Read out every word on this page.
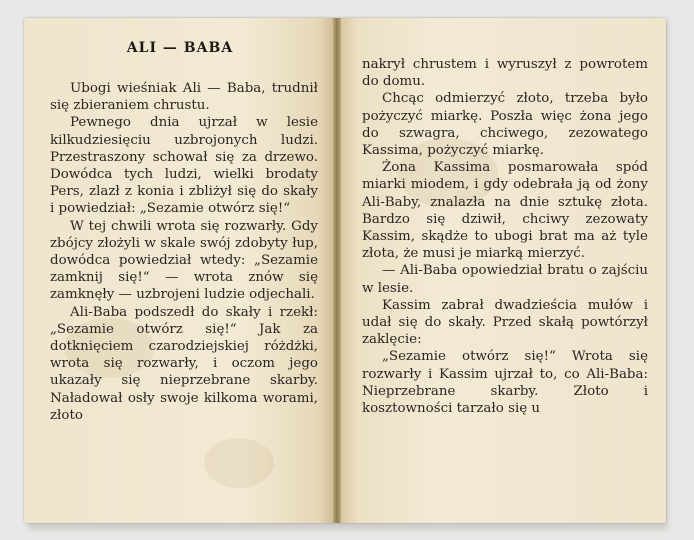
ALI — BABA

Ubogi wieśniak Ali — Baba, trudnił się zbieraniem chrustu.

Pewnego dnia ujrzał w lesie kilkudziesięciu uzbrojonych ludzi. Przestraszony schował się za drzewo. Dowódca tych ludzi, wielki brodaty Pers, zlazł z konia i zbliżył się do skały i powiedział: „Sezamie otwórz się!“

W tej chwili wrota się rozwarły. Gdy zbójcy złożyli w skale swój zdobyty łup, dowódca powiedział wtedy: „Sezamie zamknij się!“ — wrota znów się zamknęły — uzbrojeni ludzie odjechali.

Ali-Baba podszedł do skały i rzekł: „Sezamie otwórz się!“ Jak za dotknięciem czarodziejskiej różdżki, wrota się rozwarły, i oczom jego ukazały się nieprzebrane skarby. Naładował osły swoje kilkoma worami, złoto

nakrył chrustem i wyruszył z powrotem do domu.

Chcąc odmierzyć złoto, trzeba było pożyczyć miarkę. Poszła więc żona jego do szwagra, chciwego, zezowatego Kassima, pożyczyć miarkę.

Żona Kassima posmarowała spód miarki miodem, i gdy odebrała ją od żony Ali-Baby, znalazła na dnie sztukę złota. Bardzo się dziwił, chciwy zezowaty Kassim, skądże to ubogi brat ma aż tyle złota, że musi je miarką mierzyć.

— Ali-Baba opowiedział bratu o zajściu w lesie.

Kassim zabrał dwadzieścia mułów i udał się do skały. Przed skałą powtórzył zaklęcie:

„Sezamie otwórz się!“ Wrota się rozwarły i Kassim ujrzał to, co Ali-Baba: Nieprzebrane skarby. Złoto i kosztowności tarzało się u
